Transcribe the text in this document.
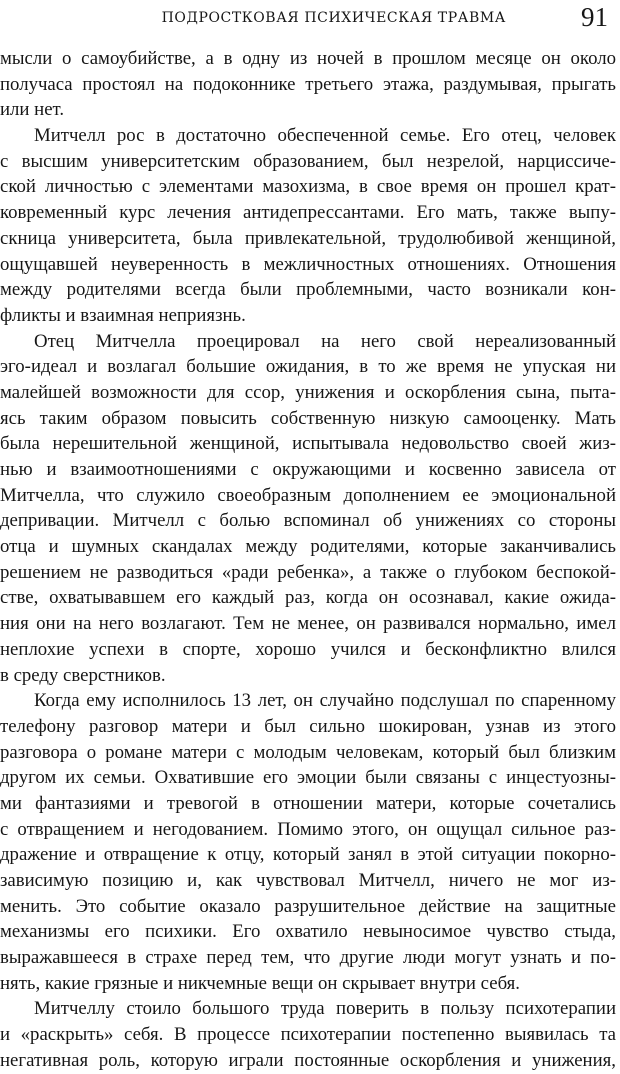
ПОДРОСТКОВАЯ ПСИХИЧЕСКАЯ ТРАВМА	91
мысли о самоубийстве, а в одну из ночей в прошлом месяце он около
получаса простоял на подоконнике третьего этажа, раздумывая, прыгать
или нет.
Митчелл рос в достаточно обеспеченной семье. Его отец, человек
с высшим университетским образованием, был незрелой, нарциссиче-
ской личностью с элементами мазохизма, в свое время он прошел крат-
ковременный курс лечения антидепрессантами. Его мать, также выпу-
скница университета, была привлекательной, трудолюбивой женщиной,
ощущавшей неуверенность в межличностных отношениях. Отношения
между родителями всегда были проблемными, часто возникали кон-
фликты и взаимная неприязнь.
Отец Митчелла проецировал на него свой нереализованный
эго-идеал и возлагал большие ожидания, в то же время не упуская ни
малейшей возможности для ссор, унижения и оскорбления сына, пыта-
ясь таким образом повысить собственную низкую самооценку. Мать
была нерешительной женщиной, испытывала недовольство своей жиз-
нью и взаимоотношениями с окружающими и косвенно зависела от
Митчелла, что служило своеобразным дополнением ее эмоциональной
депривации. Митчелл с болью вспоминал об унижениях со стороны
отца и шумных скандалах между родителями, которые заканчивались
решением не разводиться «ради ребенка», а также о глубоком беспокой-
стве, охватывавшем его каждый раз, когда он осознавал, какие ожида-
ния они на него возлагают. Тем не менее, он развивался нормально, имел
неплохие успехи в спорте, хорошо учился и бесконфликтно влился
в среду сверстников.
Когда ему исполнилось 13 лет, он случайно подслушал по спаренному
телефону разговор матери и был сильно шокирован, узнав из этого
разговора о романе матери с молодым человекам, который был близким
другом их семьи. Охватившие его эмоции были связаны с инцестуозны-
ми фантазиями и тревогой в отношении матери, которые сочетались
с отвращением и негодованием. Помимо этого, он ощущал сильное раз-
дражение и отвращение к отцу, который занял в этой ситуации покорно-
зависимую позицию и, как чувствовал Митчелл, ничего не мог из-
менить. Это событие оказало разрушительное действие на защитные
механизмы его психики. Его охватило невыносимое чувство стыда,
выражавшееся в страхе перед тем, что другие люди могут узнать и по-
нять, какие грязные и никчемные вещи он скрывает внутри себя.
Митчеллу стоило большого труда поверить в пользу психотерапии
и «раскрыть» себя. В процессе психотерапии постепенно выявилась та
негативная роль, которую играли постоянные оскорбления и унижения,
